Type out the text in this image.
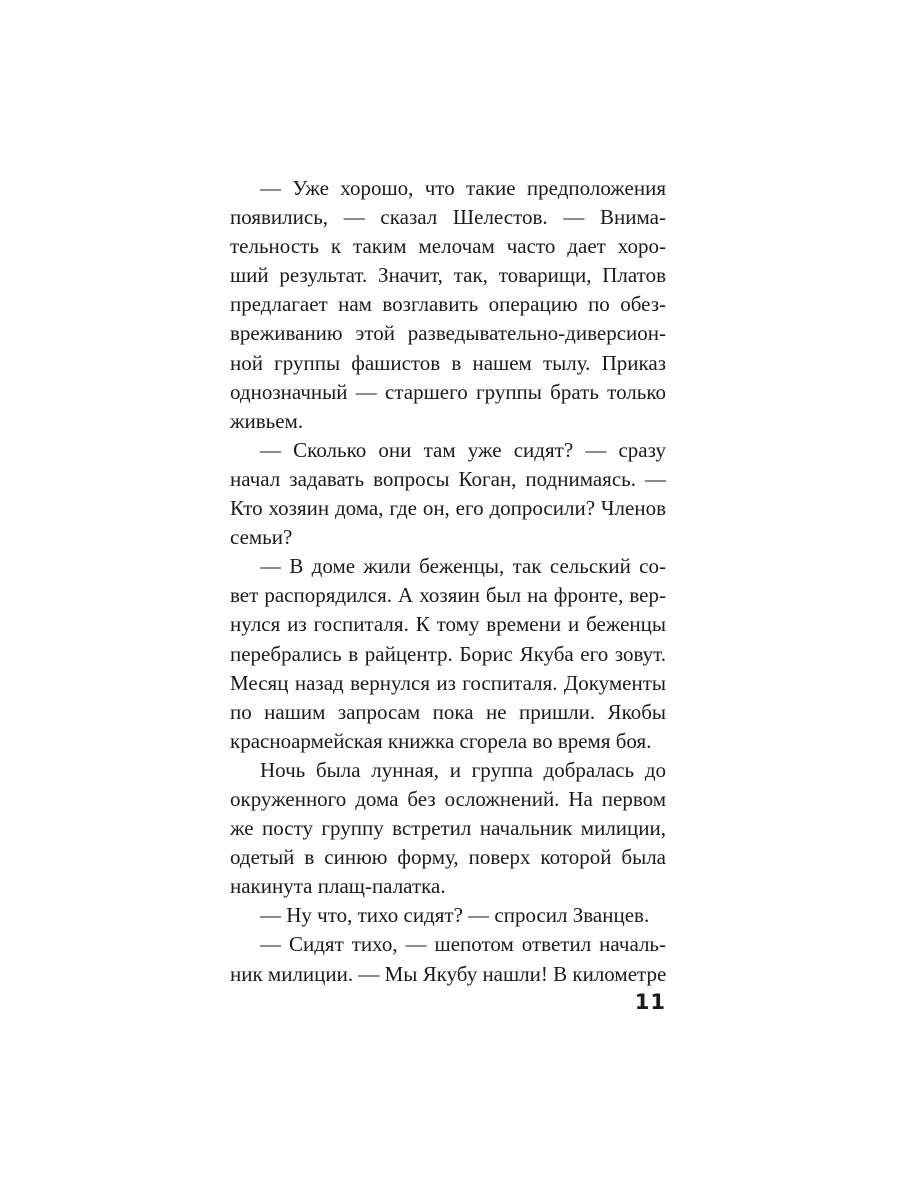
— Уже хорошо, что такие предположения
появились, — сказал Шелестов. — Внима-
тельность к таким мелочам часто дает хоро-
ший результат. Значит, так, товарищи, Платов
предлагает нам возглавить операцию по обез-
вреживанию этой разведывательно-диверсион-
ной группы фашистов в нашем тылу. Приказ
однозначный — старшего группы брать только
живьем.
— Сколько они там уже сидят? — сразу
начал задавать вопросы Коган, поднимаясь. —
Кто хозяин дома, где он, его допросили? Членов
семьи?
— В доме жили беженцы, так сельский со-
вет распорядился. А хозяин был на фронте, вер-
нулся из госпиталя. К тому времени и беженцы
перебрались в райцентр. Борис Якуба его зовут.
Месяц назад вернулся из госпиталя. Документы
по нашим запросам пока не пришли. Якобы
красноармейская книжка сгорела во время боя.
Ночь была лунная, и группа добралась до
окруженного дома без осложнений. На первом
же посту группу встретил начальник милиции,
одетый в синюю форму, поверх которой была
накинута плащ-палатка.
— Ну что, тихо сидят? — спросил Званцев.
— Сидят тихо, — шепотом ответил началь-
ник милиции. — Мы Якубу нашли! В километре
11
